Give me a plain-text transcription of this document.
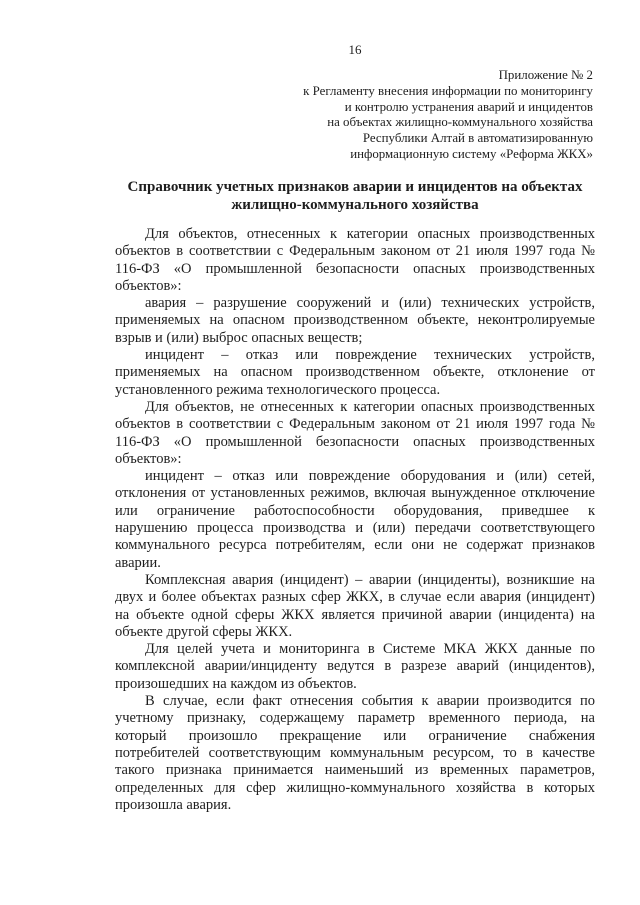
16
Приложение № 2
к Регламенту внесения информации по мониторингу
и контролю устранения аварий и инцидентов
на объектах жилищно-коммунального хозяйства
Республики Алтай в автоматизированную
информационную систему «Реформа ЖКХ»
Справочник учетных признаков аварии и инцидентов на объектах
жилищно-коммунального хозяйства
Для объектов, отнесенных к категории опасных производственных
объектов в соответствии с Федеральным законом от 21 июля 1997 года №
116-ФЗ «О промышленной безопасности опасных производственных
объектов»:
авария – разрушение сооружений и (или) технических устройств,
применяемых на опасном производственном объекте, неконтролируемые
взрыв и (или) выброс опасных веществ;
инцидент – отказ или повреждение технических устройств,
применяемых на опасном производственном объекте, отклонение от
установленного режима технологического процесса.
Для объектов, не отнесенных к категории опасных производственных
объектов в соответствии с Федеральным законом от 21 июля 1997 года №
116-ФЗ «О промышленной безопасности опасных производственных
объектов»:
инцидент – отказ или повреждение оборудования и (или) сетей,
отклонения от установленных режимов, включая вынужденное отключение
или ограничение работоспособности оборудования, приведшее к
нарушению процесса производства и (или) передачи соответствующего
коммунального ресурса потребителям, если они не содержат признаков
аварии.
Комплексная авария (инцидент) – аварии (инциденты), возникшие на
двух и более объектах разных сфер ЖКХ, в случае если авария (инцидент)
на объекте одной сферы ЖКХ является причиной аварии (инцидента) на
объекте другой сферы ЖКХ.
Для целей учета и мониторинга в Системе МКА ЖКХ данные по
комплексной аварии/инциденту ведутся в разрезе аварий (инцидентов),
произошедших на каждом из объектов.
В случае, если факт отнесения события к аварии производится по
учетному признаку, содержащему параметр временного периода, на
который произошло прекращение или ограничение снабжения
потребителей соответствующим коммунальным ресурсом, то в качестве
такого признака принимается наименьший из временных параметров,
определенных для сфер жилищно-коммунального хозяйства в которых
произошла авария.
